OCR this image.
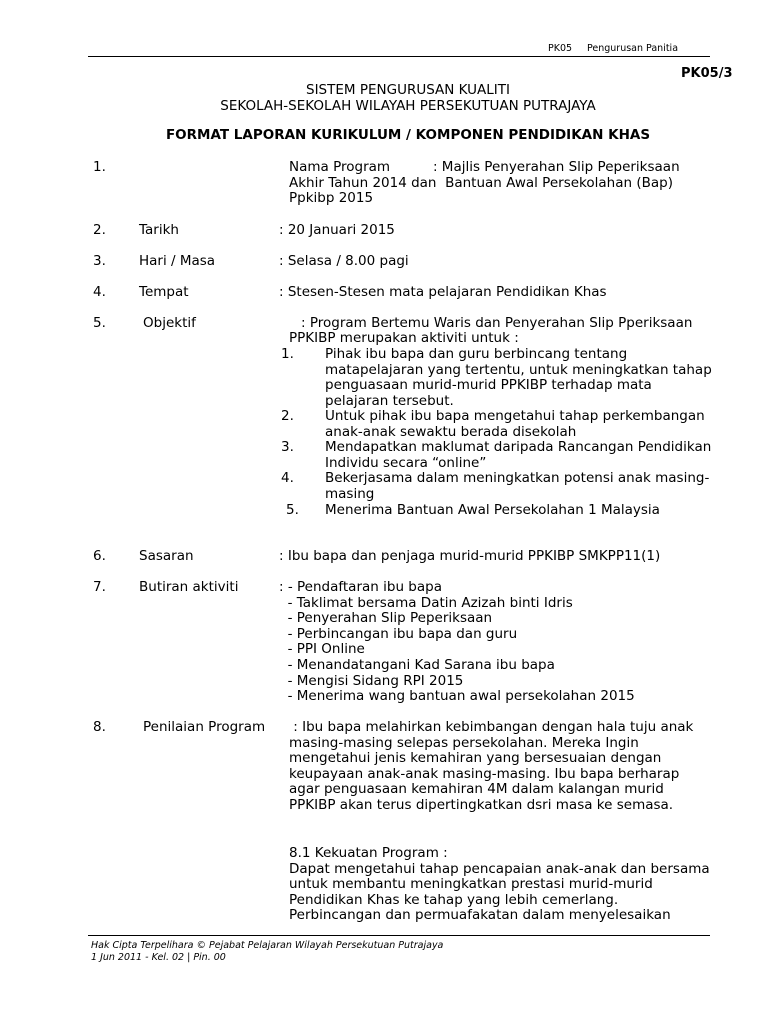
PK05 Pengurusan Panitia
PK05/3
SISTEM PENGURUSAN KUALITI
SEKOLAH-SEKOLAH WILAYAH PERSEKUTUAN PUTRAJAYA
FORMAT LAPORAN KURIKULUM / KOMPONEN PENDIDIKAN KHAS
1.	Nama Program          : Majlis Penyerahan Slip Peperiksaan
Akhir Tahun 2014 dan  Bantuan Awal Persekolahan (Bap)
Ppkibp 2015
2. Tarikh	: 20 Januari 2015
3. Hari / Masa	: Selasa / 8.00 pagi
4. Tempat	: Stesen-Stesen mata pelajaran Pendidikan Khas
5.	Objektif	: Program Bertemu Waris dan Penyerahan Slip Pperiksaan
PPKIBP merupakan aktiviti untuk :
1. Pihak ibu bapa dan guru berbincang tentang
matapelajaran yang tertentu, untuk meningkatkan tahap
penguasaan murid-murid PPKIBP terhadap mata
pelajaran tersebut.
2. Untuk pihak ibu bapa mengetahui tahap perkembangan
anak-anak sewaktu berada disekolah
3. Mendapatkan maklumat daripada Rancangan Pendidikan
Individu secara “online”
4. Bekerjasama dalam meningkatkan potensi anak masing-
masing
5. Menerima Bantuan Awal Persekolahan 1 Malaysia
6. Sasaran	: Ibu bapa dan penjaga murid-murid PPKIBP SMKPP11(1)
7. Butiran aktiviti	: - Pendaftaran ibu bapa
- Taklimat bersama Datin Azizah binti Idris
- Penyerahan Slip Peperiksaan
- Perbincangan ibu bapa dan guru
- PPI Online
- Menandatangani Kad Sarana ibu bapa
- Mengisi Sidang RPI 2015
- Menerima wang bantuan awal persekolahan 2015
8.	Penilaian Program : Ibu bapa melahirkan kebimbangan dengan hala tuju anak
masing-masing selepas persekolahan. Mereka Ingin
mengetahui jenis kemahiran yang bersesuaian dengan
keupayaan anak-anak masing-masing. Ibu bapa berharap
agar penguasaan kemahiran 4M dalam kalangan murid
PPKIBP akan terus dipertingkatkan dsri masa ke semasa.
8.1 Kekuatan Program :
Dapat mengetahui tahap pencapaian anak-anak dan bersama
untuk membantu meningkatkan prestasi murid-murid
Pendidikan Khas ke tahap yang lebih cemerlang.
Perbincangan dan permuafakatan dalam menyelesaikan
Hak Cipta Terpelihara © Pejabat Pelajaran Wilayah Persekutuan Putrajaya
1 Jun 2011 - Kel. 02 | Pin. 00
